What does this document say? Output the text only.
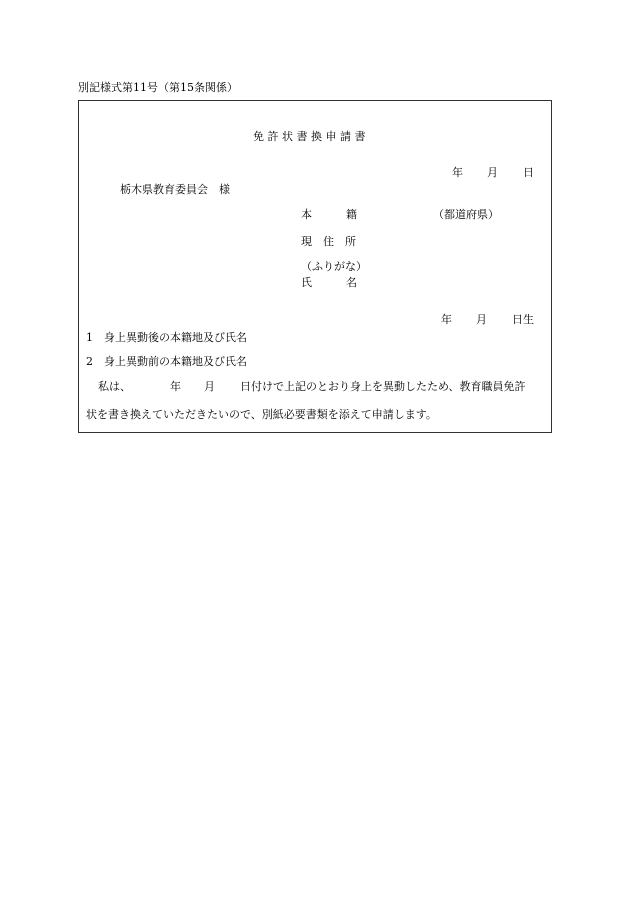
別記様式第11号（第15条関係）
免 許 状 書 換 申 請 書
年 月 日
栃木県教育委員会　様
本	籍	（都道府県）
現　住　所
（ふりがな）
氏	名
年 月 日生
1 身上異動後の本籍地及び氏名
2 身上異動前の本籍地及び氏名
私は、	年 月 日付けで上記のとおり身上を異動したため、教育職員免許
状を書き換えていただきたいので、別紙必要書類を添えて申請します。
